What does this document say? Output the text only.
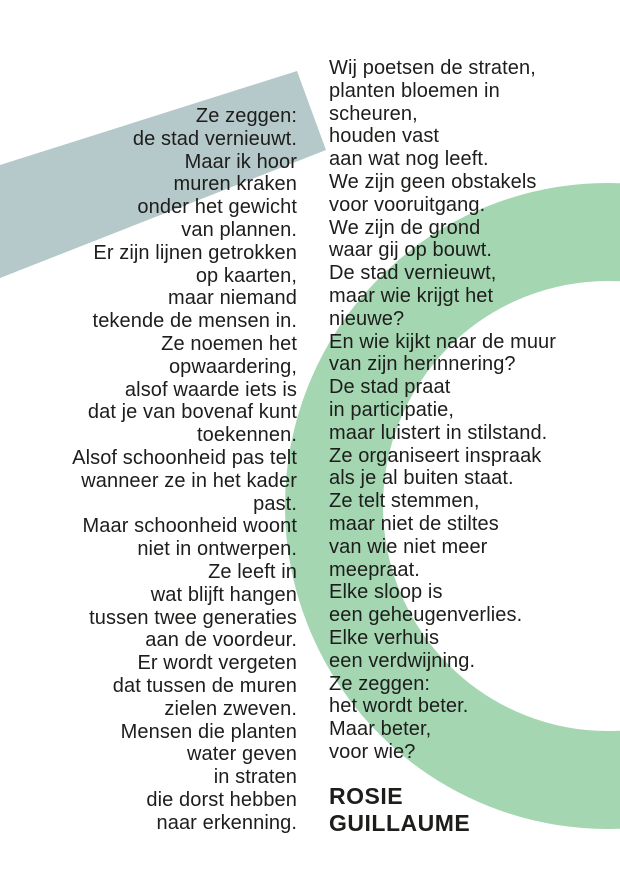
Ze zeggen:
de stad vernieuwt.
Maar ik hoor
muren kraken
onder het gewicht
van plannen.
Er zijn lijnen getrokken
op kaarten,
maar niemand
tekende de mensen in.
Ze noemen het
opwaardering,
alsof waarde iets is
dat je van bovenaf kunt
toekennen.
Alsof schoonheid pas telt
wanneer ze in het kader
past.
Maar schoonheid woont
niet in ontwerpen.
Ze leeft in
wat blijft hangen
tussen twee generaties
aan de voordeur.
Er wordt vergeten
dat tussen de muren
zielen zweven.
Mensen die planten
water geven
in straten
die dorst hebben
naar erkenning.
Wij poetsen de straten,
planten bloemen in
scheuren,
houden vast
aan wat nog leeft.
We zijn geen obstakels
voor vooruitgang.
We zijn de grond
waar gij op bouwt.
De stad vernieuwt,
maar wie krijgt het
nieuwe?
En wie kijkt naar de muur
van zijn herinnering?
De stad praat
in participatie,
maar luistert in stilstand.
Ze organiseert inspraak
als je al buiten staat.
Ze telt stemmen,
maar niet de stiltes
van wie niet meer
meepraat.
Elke sloop is
een geheugenverlies.
Elke verhuis
een verdwijning.
Ze zeggen:
het wordt beter.
Maar beter,
voor wie?
ROSIE
GUILLAUME
